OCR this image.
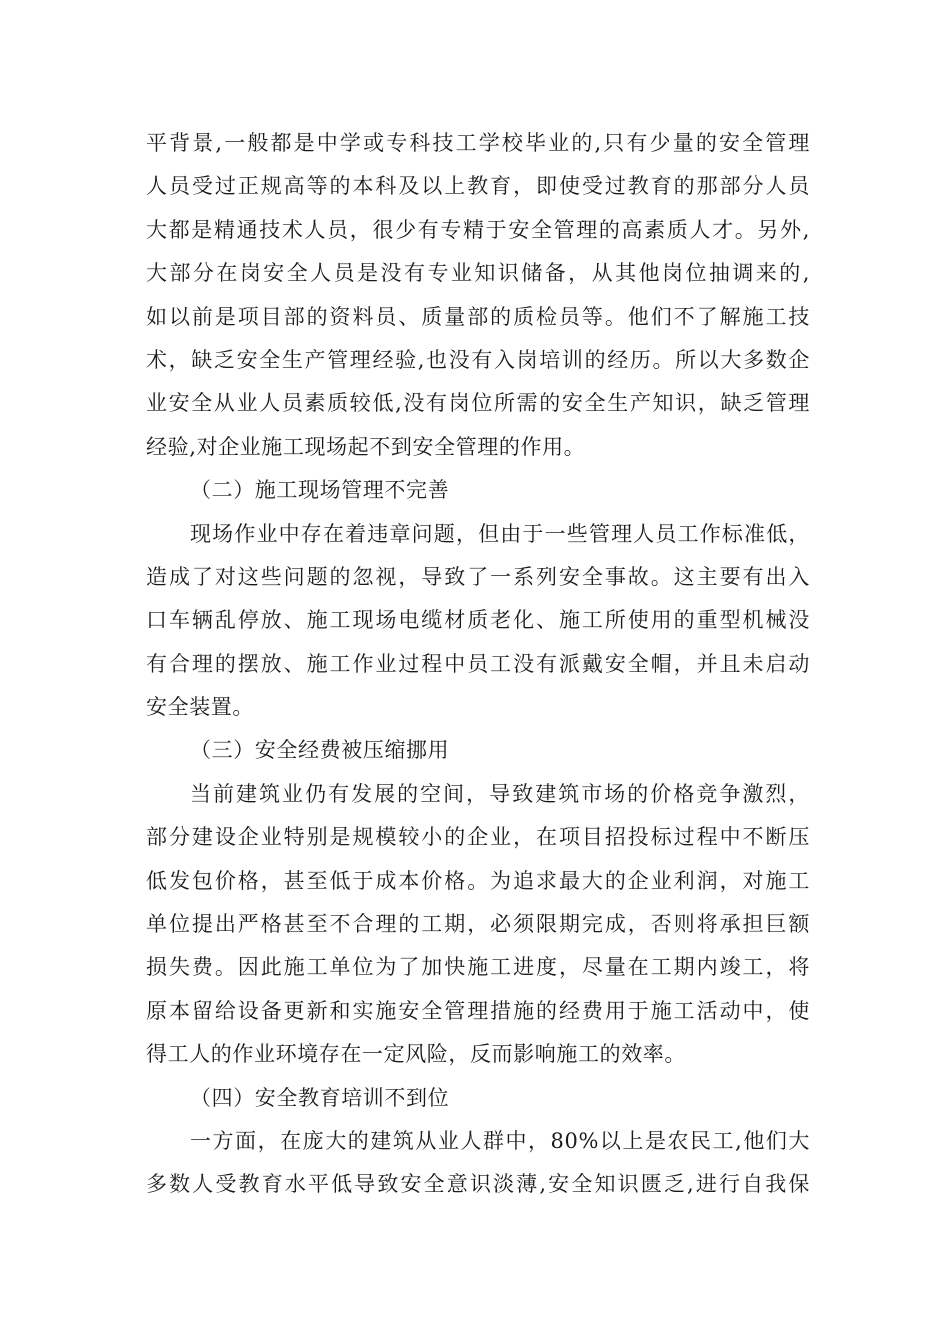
平背景,一般都是中学或专科技工学校毕业的,只有少量的安全管理
人员受过正规高等的本科及以上教育，即使受过教育的那部分人员
大都是精通技术人员，很少有专精于安全管理的高素质人才。另外,
大部分在岗安全人员是没有专业知识储备，从其他岗位抽调来的,
如以前是项目部的资料员、质量部的质检员等。他们不了解施工技
术，缺乏安全生产管理经验,也没有入岗培训的经历。所以大多数企
业安全从业人员素质较低,没有岗位所需的安全生产知识，缺乏管理
经验,对企业施工现场起不到安全管理的作用。
（二）施工现场管理不完善
现场作业中存在着违章问题，但由于一些管理人员工作标准低，
造成了对这些问题的忽视，导致了一系列安全事故。这主要有出入
口车辆乱停放、施工现场电缆材质老化、施工所使用的重型机械没
有合理的摆放、施工作业过程中员工没有派戴安全帽，并且未启动
安全装置。
（三）安全经费被压缩挪用
当前建筑业仍有发展的空间，导致建筑市场的价格竞争激烈，
部分建设企业特别是规模较小的企业，在项目招投标过程中不断压
低发包价格，甚至低于成本价格。为追求最大的企业利润，对施工
单位提出严格甚至不合理的工期，必须限期完成，否则将承担巨额
损失费。因此施工单位为了加快施工进度，尽量在工期内竣工，将
原本留给设备更新和实施安全管理措施的经费用于施工活动中，使
得工人的作业环境存在一定风险，反而影响施工的效率。
（四）安全教育培训不到位
一方面，在庞大的建筑从业人群中，80%以上是农民工,他们大
多数人受教育水平低导致安全意识淡薄,安全知识匮乏,进行自我保
